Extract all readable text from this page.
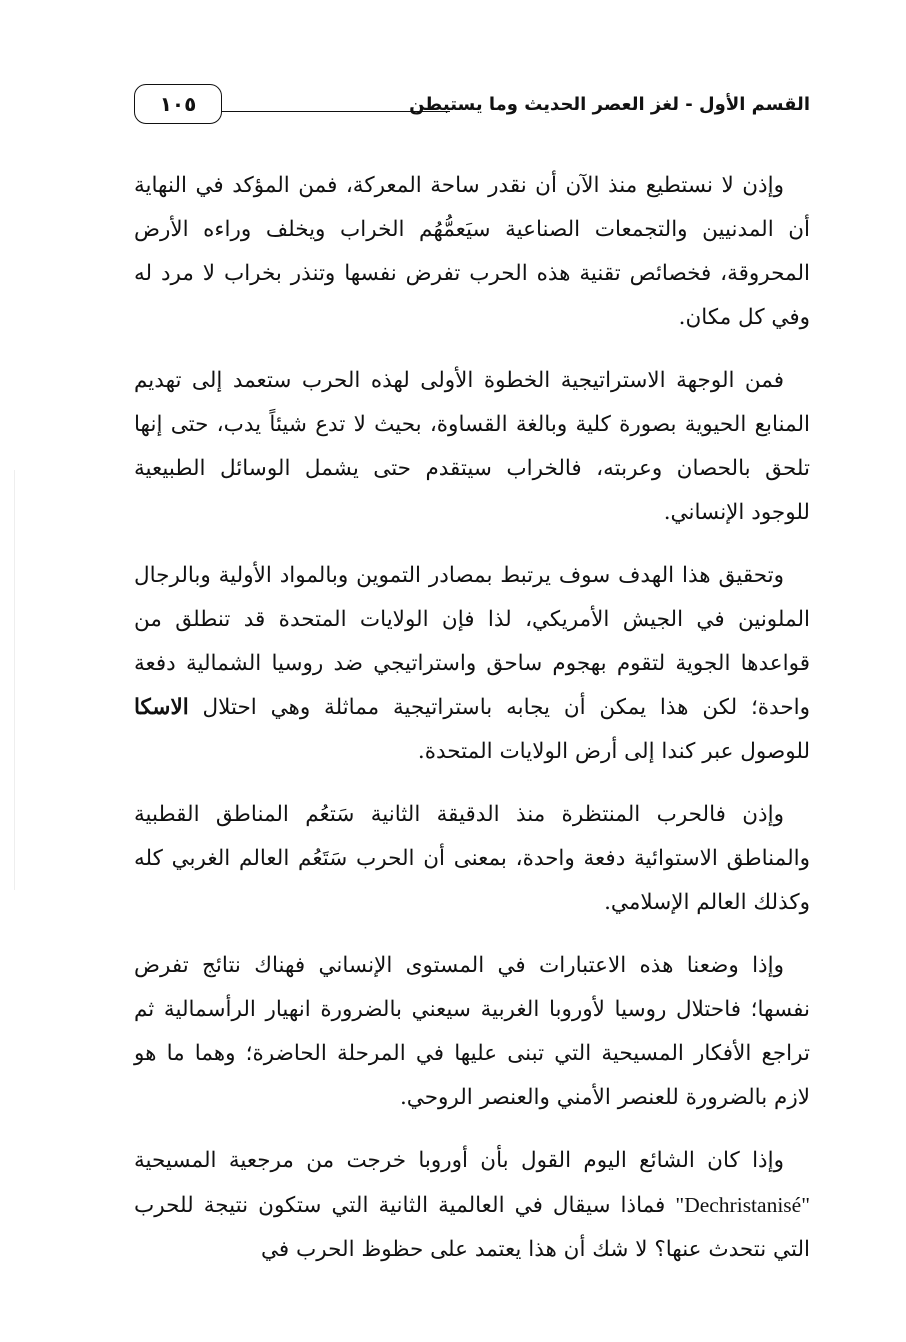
القسم الأول - لغز العصر الحديث وما يستبطن
١٠٥

وإذن لا نستطيع منذ الآن أن نقدر ساحة المعركة، فمن المؤكد في النهاية أن المدنيين والتجمعات الصناعية سيَعمُّهُم الخراب ويخلف وراءه الأرض المحروقة، فخصائص تقنية هذه الحرب تفرض نفسها وتنذر بخراب لا مرد له وفي كل مكان.

فمن الوجهة الاستراتيجية الخطوة الأولى لهذه الحرب ستعمد إلى تهديم المنابع الحيوية بصورة كلية وبالغة القساوة، بحيث لا تدع شيئاً يدب، حتى إنها تلحق بالحصان وعربته، فالخراب سيتقدم حتى يشمل الوسائل الطبيعية للوجود الإنساني.

وتحقيق هذا الهدف سوف يرتبط بمصادر التموين وبالمواد الأولية وبالرجال الملونين في الجيش الأمريكي، لذا فإن الولايات المتحدة قد تنطلق من قواعدها الجوية لتقوم بهجوم ساحق واستراتيجي ضد روسيا الشمالية دفعة واحدة؛ لكن هذا يمكن أن يجابه باستراتيجية مماثلة وهي احتلال الاسكا للوصول عبر كندا إلى أرض الولايات المتحدة.

وإذن فالحرب المنتظرة منذ الدقيقة الثانية سَتعُم المناطق القطبية والمناطق الاستوائية دفعة واحدة، بمعنى أن الحرب سَتَعُم العالم الغربي كله وكذلك العالم الإسلامي.

وإذا وضعنا هذه الاعتبارات في المستوى الإنساني فهناك نتائج تفرض نفسها؛ فاحتلال روسيا لأوروبا الغربية سيعني بالضرورة انهيار الرأسمالية ثم تراجع الأفكار المسيحية التي تبنى عليها في المرحلة الحاضرة؛ وهما ما هو لازم بالضرورة للعنصر الأمني والعنصر الروحي.

وإذا كان الشائع اليوم القول بأن أوروبا خرجت من مرجعية المسيحية "Dechristanisé" فماذا سيقال في العالمية الثانية التي ستكون نتيجة للحرب التي نتحدث عنها؟ لا شك أن هذا يعتمد على حظوظ الحرب في
